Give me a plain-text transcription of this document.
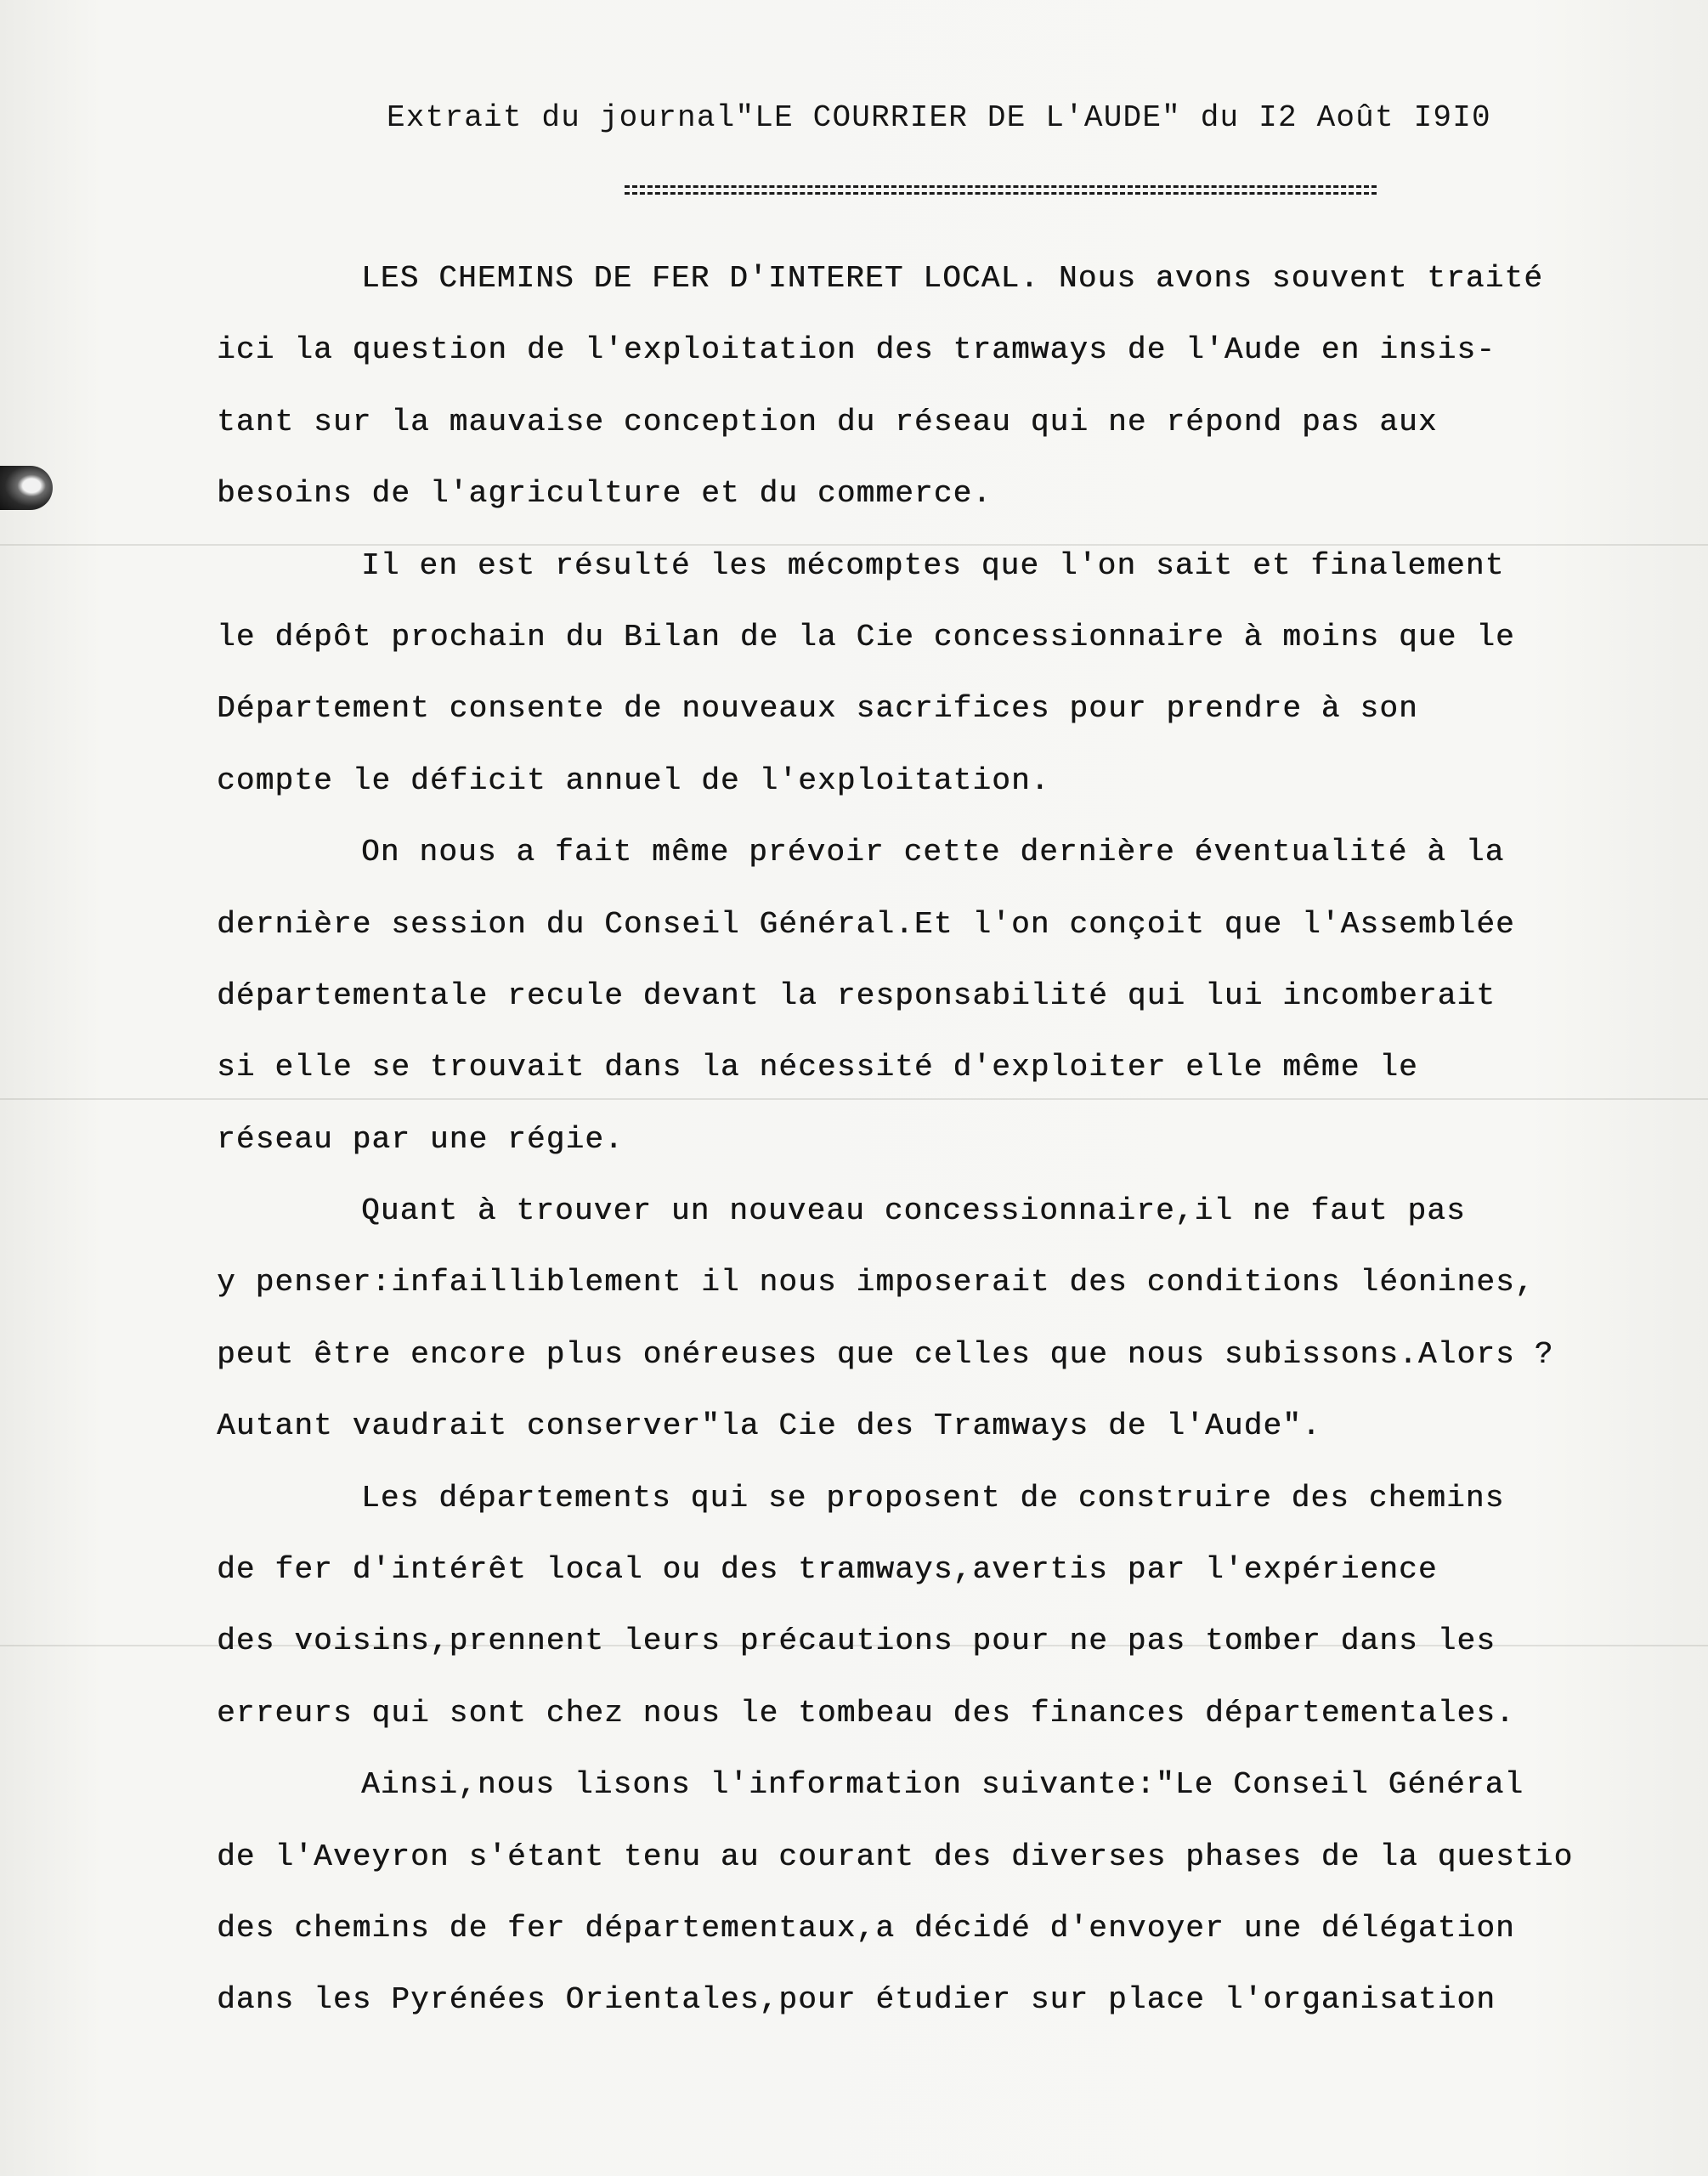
Extrait du journal"LE COURRIER DE L'AUDE" du I2 Août I9I0
LES CHEMINS DE FER D'INTERET LOCAL. Nous avons souvent traité
ici la question de l'exploitation des tramways de l'Aude en insis-
tant sur la mauvaise conception du réseau qui ne répond pas aux
besoins de l'agriculture et du commerce.
Il en est résulté les mécomptes que l'on sait et finalement
le dépôt prochain du Bilan de la Cie concessionnaire à moins que le
Département consente de nouveaux sacrifices pour prendre à son
compte le déficit annuel de l'exploitation.
On nous a fait même prévoir cette dernière éventualité à la
dernière session du Conseil Général.Et l'on conçoit que l'Assemblée
départementale recule devant la responsabilité qui lui incomberait
si elle se trouvait dans la nécessité d'exploiter elle même le
réseau par une régie.
Quant à trouver un nouveau concessionnaire,il ne faut pas
y penser:infailliblement il nous imposerait des conditions léonines,
peut être encore plus onéreuses que celles que nous subissons.Alors ?
Autant vaudrait conserver"la Cie des Tramways de l'Aude".
Les départements qui se proposent de construire des chemins
de fer d'intérêt local ou des tramways,avertis par l'expérience
des voisins,prennent leurs précautions pour ne pas tomber dans les
erreurs qui sont chez nous le tombeau des finances départementales.
Ainsi,nous lisons l'information suivante:"Le Conseil Général
de l'Aveyron s'étant tenu au courant des diverses phases de la questio
des chemins de fer départementaux,a décidé d'envoyer une délégation
dans les Pyrénées Orientales,pour étudier sur place l'organisation
